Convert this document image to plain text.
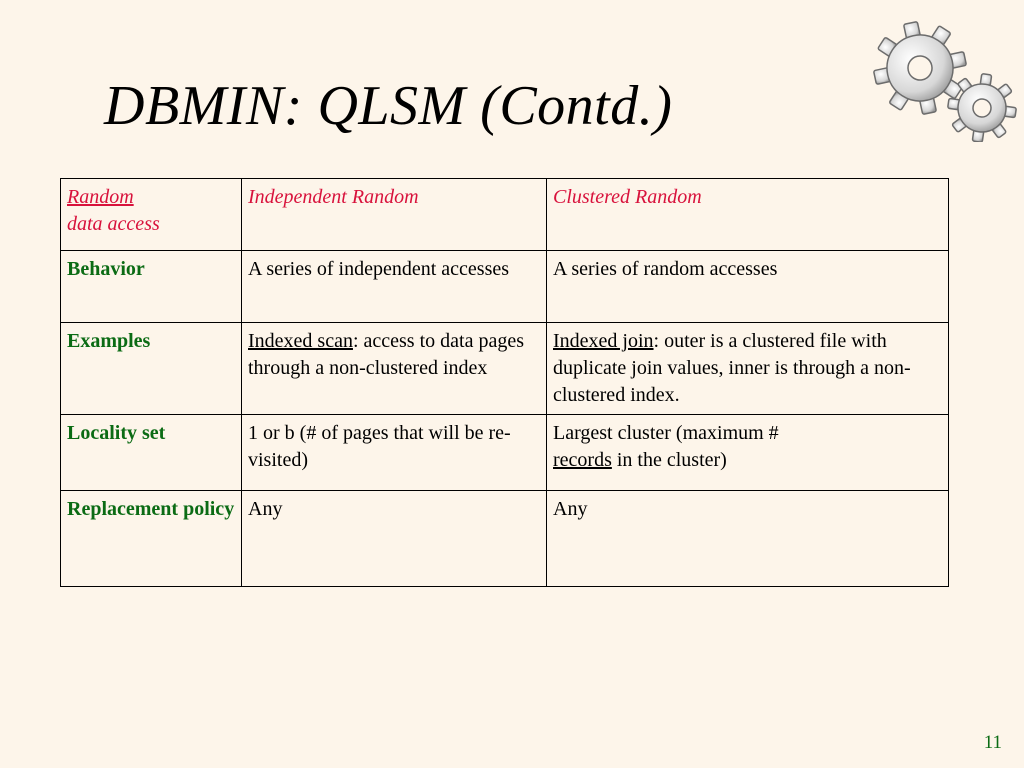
DBMIN: QLSM (Contd.)
Random
data access	Independent Random	Clustered Random
Behavior	A series of independent accesses	A series of random accesses
Examples	Indexed scan: access to data pages through a non-clustered index	Indexed join: outer is a clustered file with duplicate join values, inner is through a non-clustered index.
Locality set	1 or b (# of pages that will be re-visited)	Largest cluster (maximum #
records in the cluster)
Replacement policy	Any	Any
11
